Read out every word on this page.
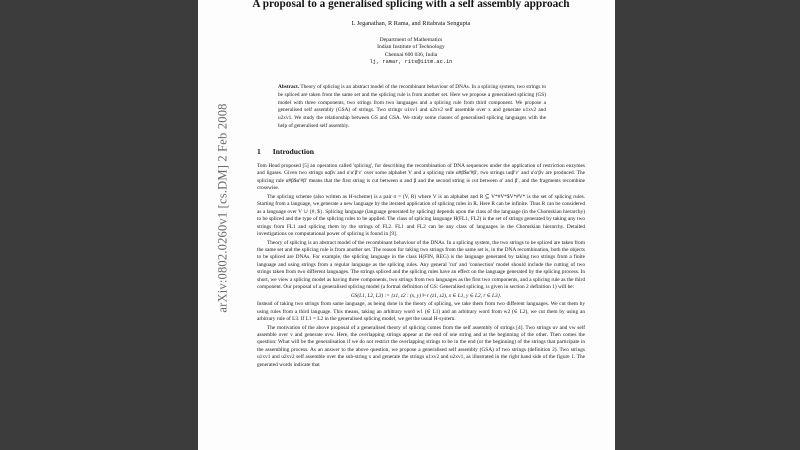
arXiv:0802.0260v1 [cs.DM] 2 Feb 2008
A proposal to a generalised splicing with a self assembly approach
L Jeganathan, R Rama, and Ritabrata Sengupta
Department of Mathematics
Indian Institute of Technology
Chennai 600 036, India
lj, ramar, rits@iitm.ac.in
Abstract. Theory of splicing is an abstract model of the recombinant behaviour of DNAs. In a splicing system, two strings to be spliced are taken from the same set and the splicing rule is from another set. Here we propose a generalised splicing (GS) model with three components, two strings from two languages and a splicing rule from third component. We propose a generalised self assembly (GSA) of strings. Two strings u1xv1 and u2xv2 self assemble over x and generate u1xv2 and u2xv1. We study the relationship between GS and GSA. We study some classes of generalised splicing languages with the help of generalised self assembly.
1 Introduction

Tom Head proposed [5] an operation called 'splicing', for describing the recombination of DNA sequences under the application of restriction enzymes and ligases. Given two strings uαβv and u′α′β′v′ over some alphabet V and a splicing rule α#β$α′#β′, two strings uαβ′v′ and u′α′βv are produced. The splicing rule α#β$α′#β′ means that the first string is cut between α and β and the second string is cut between α′ and β′, and the fragments recombine crosswise.

The splicing scheme (also written as H-scheme) is a pair σ = (V, R) where V is an alphabet and R ⊆ V*#V*$V*#V* is the set of splicing rules. Starting from a language, we generate a new language by the iterated application of splicing rules in R. Here R can be infinite. Thus R can be considered as a language over V ∪ {#, $}. Splicing language (language generated by splicing) depends upon the class of the language (in the Chomskian hierarchy) to be spliced and the type of the splicing rules to be applied. The class of splicing language H(FL1, FL2) is the set of strings generated by taking any two strings from FL1 and splicing them by the strings of FL2. FL1 and FL2 can be any class of languages in the Chomskian hierarchy. Detailed investigations on computational power of splicing is found in [9].

Theory of splicing is an abstract model of the recombinant behaviour of the DNAs. In a splicing system, the two strings to be spliced are taken from the same set and the splicing rule is from another set. The reason for taking two strings from the same set is, in the DNA recombination, both the objects to be spliced are DNAs. For example, the splicing language in the class H(FIN, REG) is the language generated by taking two strings from a finite language and using strings from a regular language as the splicing rules. Any general 'cut' and 'connection' model should include the cutting of two strings taken from two different languages. The strings spliced and the splicing rules have an effect on the language generated by the splicing process. In short, we view a splicing model as having three components, two strings from two languages as the first two components, and a splicing rule as the third component. Our proposal of a generalised splicing model (a formal definition of GS: Generalised splicing, is given in section 2 definition 1) will be:

GS(L1, L2, L3) := {z1, z2 : (x, y) ⊢r (z1, z2), x ∈ L1, y ∈ L2, r ∈ L3}.

Instead of taking two strings from same language, as being done in the theory of splicing, we take them from two different languages. We cut them by using rules from a third language. This means, taking an arbitrary word w1 (∈ L1) and an arbitrary word from w2 (∈ L2), we cut them by using an arbitrary rule of L3. If L1 = L2 in the generalised splicing model, we get the usual H-system.

The motivation of the above proposal of a generalised theory of splicing comes from the self assembly of strings [4]. Two strings uv and vw self assemble over v and generate uvw. Here, the overlapping strings appear at the end of one string and at the beginning of the other. Then comes the question: What will be the generalisation if we do not restrict the overlapping strings to be in the end (or the beginning) of the strings that participate in the assembling process. As an answer to the above question, we propose a generalised self assembly (GSA) of two strings (definition 2). Two strings u1xv1 and u2xv2 self assemble over the sub-string x and generate the strings u1xv2 and u2xv1, as illustrated in the right hand side of the figure 1. The generated words indicate that
